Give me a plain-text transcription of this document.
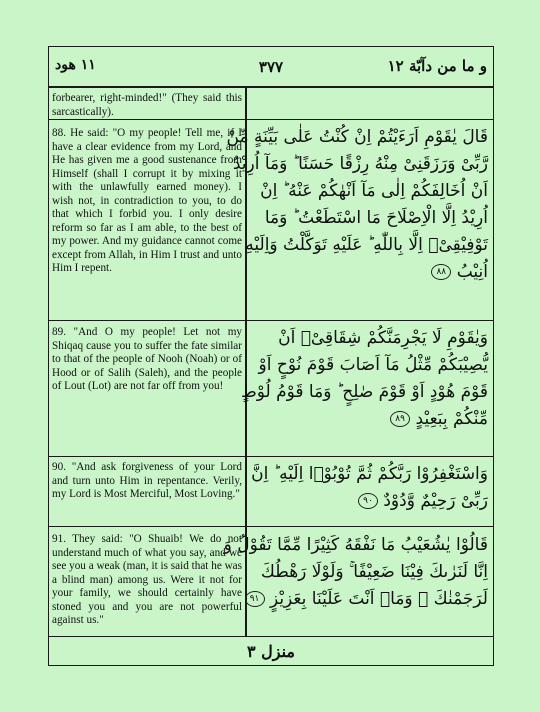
١١ هود	٣٧٧	و ما من دآبّة ١٢
forbearer, right-minded!" (They said this sarcastically).
88. He said: "O my people! Tell me, if I have a clear evidence from my Lord, and He has given me a good sustenance from Himself (shall I corrupt it by mixing it with the unlawfully earned money). I wish not, in contradiction to you, to do that which I forbid you. I only desire reform so far as I am able, to the best of my power. And my guidance cannot come except from Allah, in Him I trust and unto Him I repent.
89. "And O my people! Let not my Shiqaq cause you to suffer the fate similar to that of the people of Nooh (Noah) or of Hood or of Salih (Saleh), and the people of Lout (Lot) are not far off from you!
90. "And ask forgiveness of your Lord and turn unto Him in repentance. Verily, my Lord is Most Merciful, Most Loving."
91. They said: "O Shuaib! We do not understand much of what you say, and we see you a weak (man, it is said that he was a blind man) among us. Were it not for your family, we should certainly have stoned you and you are not powerful against us."
قَالَ يٰقَوْمِ اَرَءَيْتُمْ اِنْ كُنْتُ عَلٰى بَيِّنَةٍ مِّنْ
رَّبِّىْ وَرَزَقَنِىْ مِنْهُ رِزْقًا حَسَنًا ؕ وَمَآ اُرِيْدُ
اَنْ اُخَالِفَكُمْ اِلٰى مَآ اَنْهٰكُمْ عَنْهُ ؕ اِنْ
اُرِيْدُ اِلَّا الْاِصْلَاحَ مَا اسْتَطَعْتُ ؕ وَمَا
تَوْفِيْقِىْۤ اِلَّا بِاللّٰهِ ؕ عَلَيْهِ تَوَكَّلْتُ وَاِلَيْهِ
اُنِيْبُ ٨٨
وَيٰقَوْمِ لَا يَجْرِمَنَّكُمْ شِقَاقِىْۤ اَنْ
يُّصِيْبَكُمْ مِّثْلُ مَآ اَصَابَ قَوْمَ نُوْحٍ اَوْ
قَوْمَ هُوْدٍ اَوْ قَوْمَ صٰلِحٍ ؕ وَمَا قَوْمُ لُوْطٍ
مِّنْكُمْ بِبَعِيْدٍ ٨٩
وَاسْتَغْفِرُوْا رَبَّكُمْ ثُمَّ تُوْبُوْۤا اِلَيْهِ ؕ اِنَّ
رَبِّىْ رَحِيْمٌ وَّدُوْدٌ ٩٠
قَالُوْا يٰشُعَيْبُ مَا نَفْقَهُ كَثِيْرًا مِّمَّا تَقُوْلُ وَ
اِنَّا لَنَرٰىكَ فِيْنَا ضَعِيْفًا ۚ وَلَوْلَا رَهْطُكَ
لَرَجَمْنٰكَ ؗ وَمَاۤ اَنْتَ عَلَيْنَا بِعَزِيْزٍ ٩١
منزل ٣
